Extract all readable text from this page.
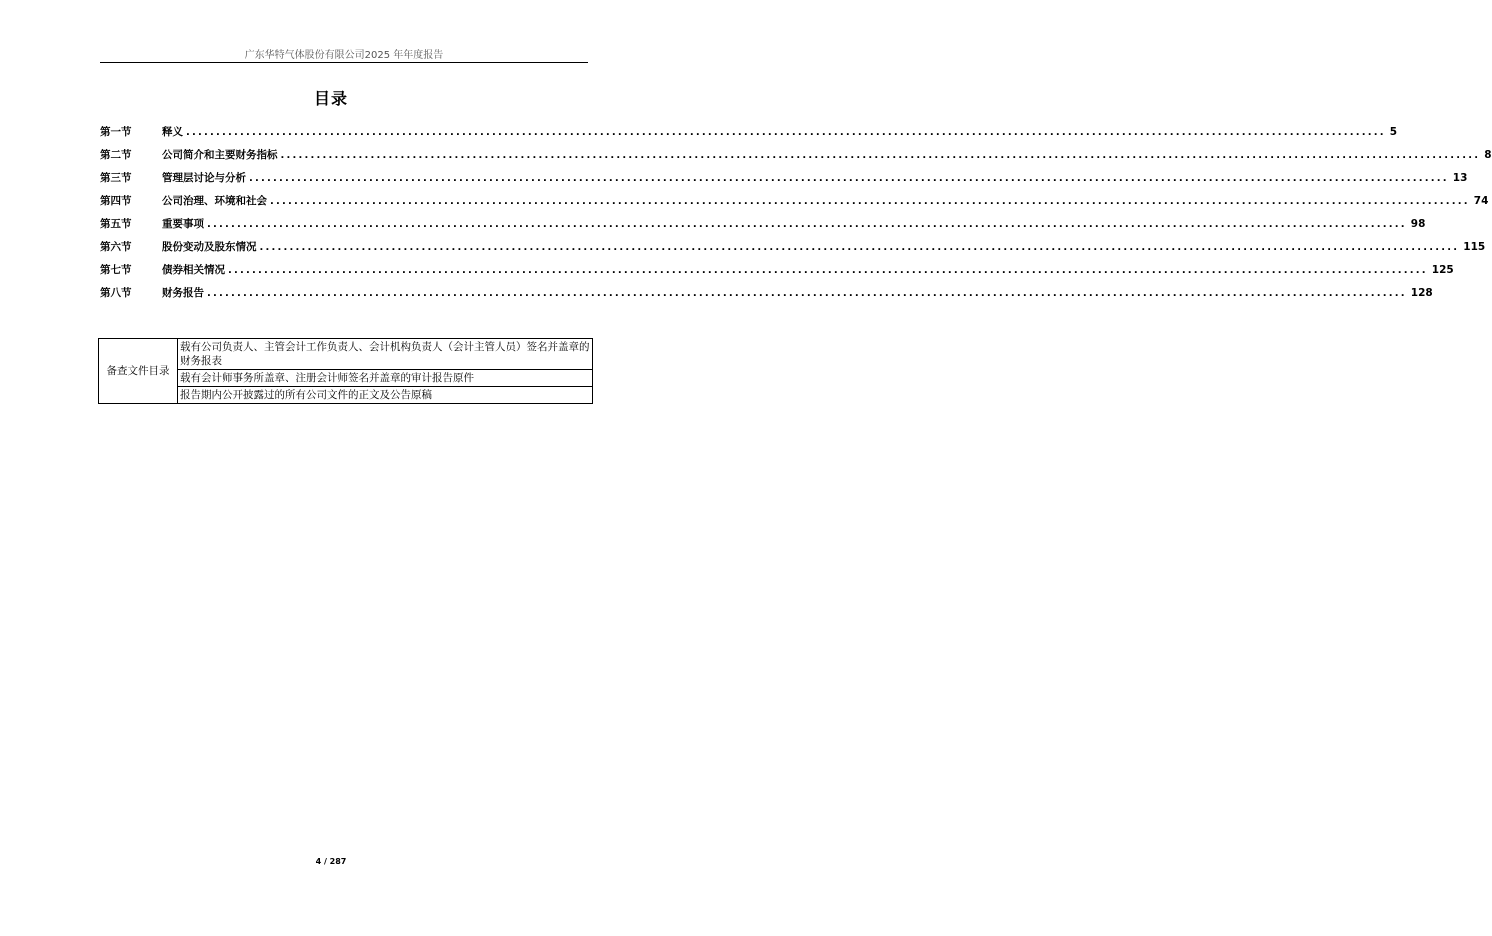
广东华特气体股份有限公司2025 年年度报告
目录
第一节	释义 ........................................................................................................................................................................................................ 5
第二节	公司简介和主要财务指标 ........................................................................................................................................................................................................ 8
第三节	管理层讨论与分析 ........................................................................................................................................................................................................ 13
第四节	公司治理、环境和社会 ........................................................................................................................................................................................................ 74
第五节	重要事项 ........................................................................................................................................................................................................ 98
第六节	股份变动及股东情况 ........................................................................................................................................................................................................ 115
第七节	债券相关情况 ........................................................................................................................................................................................................ 125
第八节	财务报告 ........................................................................................................................................................................................................ 128
备查文件目录	载有公司负责人、主管会计工作负责人、会计机构负责人（会计主管人员）签名并盖章的财务报表
载有会计师事务所盖章、注册会计师签名并盖章的审计报告原件
报告期内公开披露过的所有公司文件的正文及公告原稿
4 / 287
